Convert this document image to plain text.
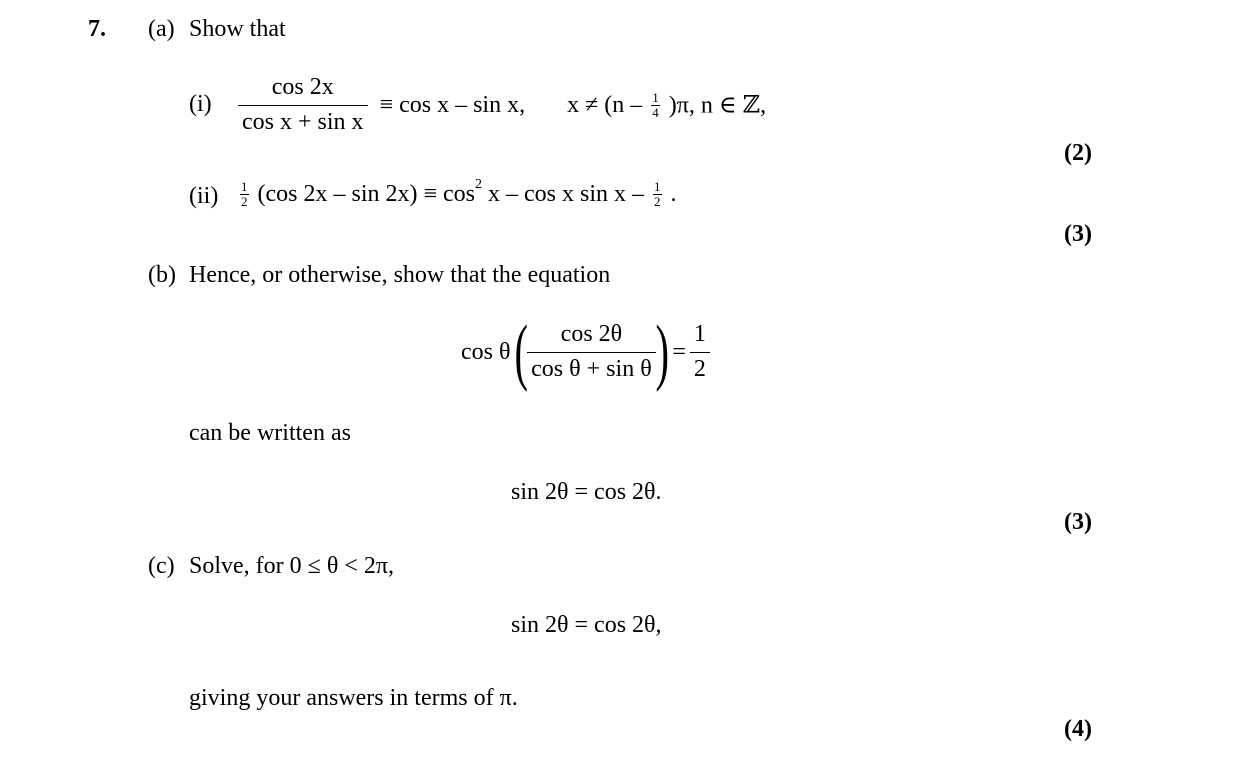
7. (a) Show that
$(i) \frac{\cos 2x}{\text{cos x + sin x}} \equiv \cos x - \sin x$, $x \ne (n - \frac{1}{4} )\pi$, n ∈ ℤ,
(2)
$(ii) \frac{1}{2} (\cos$ $2x - \sin 2x) \equiv \cos^2 x - \cos x$ sin x – $\frac{1}{2}$ .
(3)
(b) Hence, or otherwise, show that the equation
cos θ ( $\frac{\cos 2\theta}{\text{cos θ + sin θ}}$ ) = $\frac{1}{2}$
can be written as
sin 2θ = cos 2θ.
(3)
(c) Solve, for 0 ≤ θ < 2π,
sin 2θ = cos 2θ,
giving your answers in terms of π.
(4)
